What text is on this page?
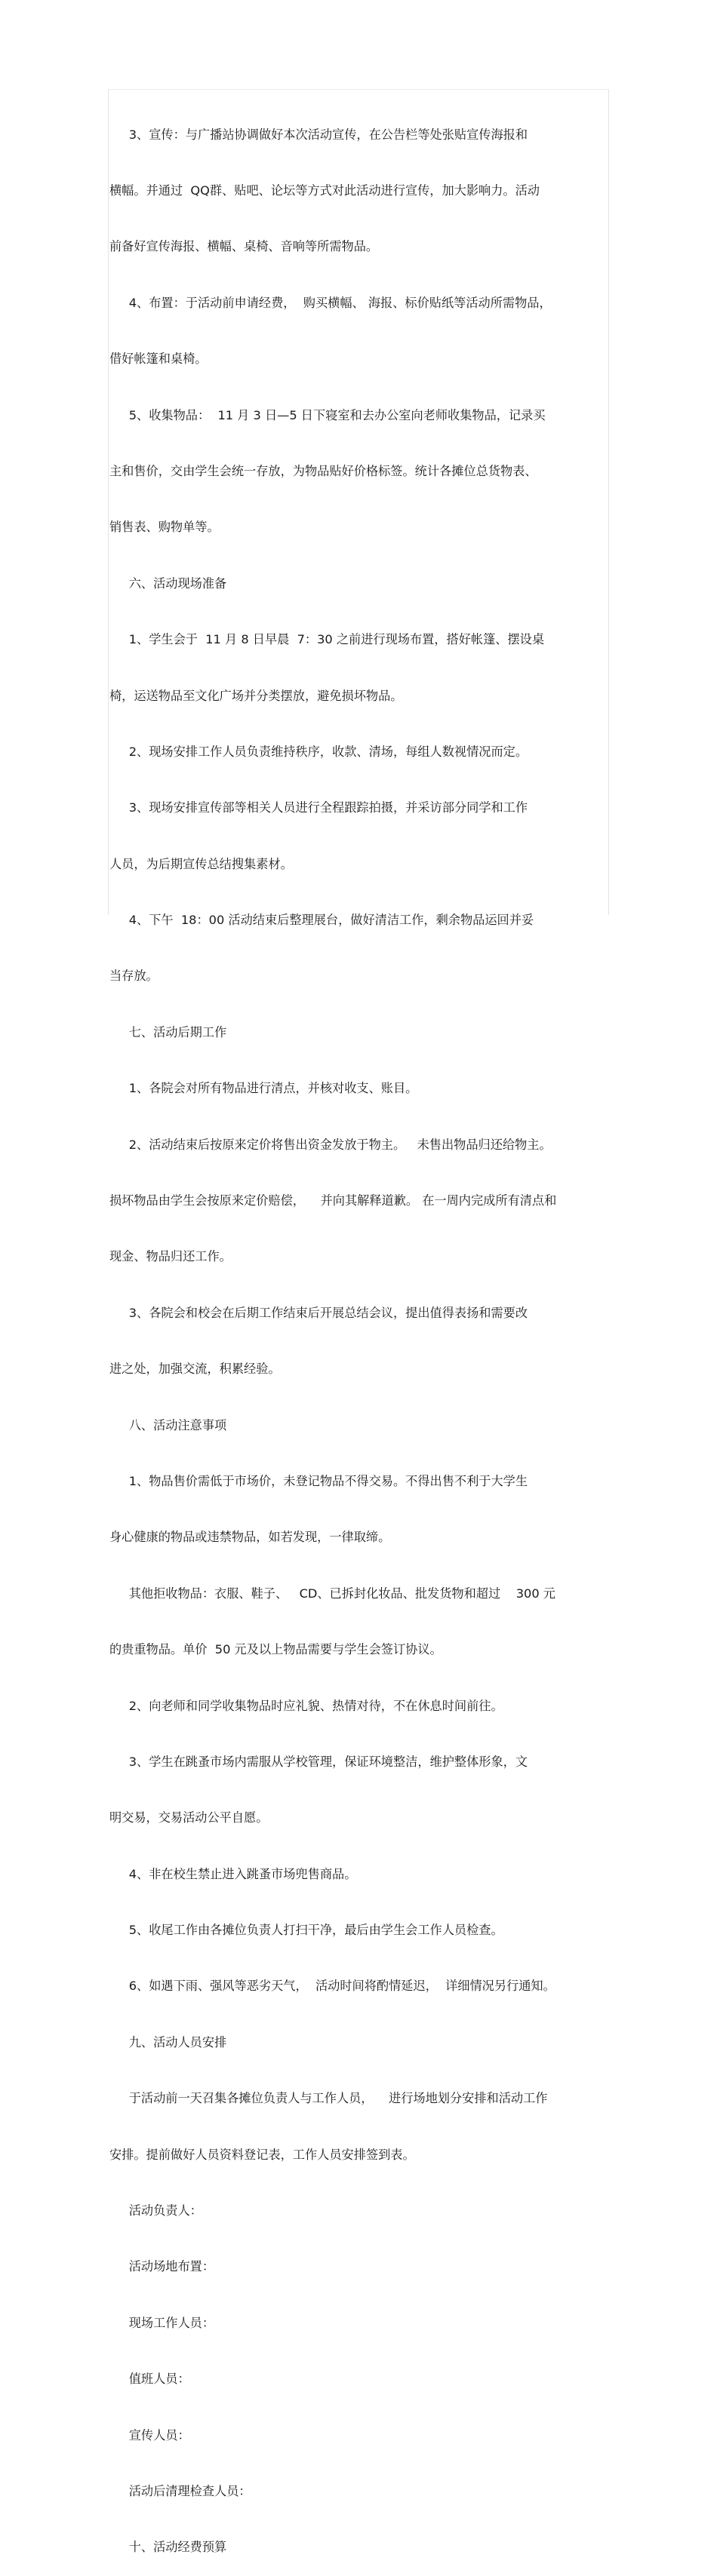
3、宣传：与广播站协调做好本次活动宣传，在公告栏等处张贴宣传海报和

横幅。并通过  QQ群、贴吧、论坛等方式对此活动进行宣传，加大影响力。活动

前备好宣传海报、横幅、桌椅、音响等所需物品。

4、布置：于活动前申请经费，  购买横幅、 海报、标价贴纸等活动所需物品，

借好帐篷和桌椅。

5、收集物品：  11 月 3 日—5 日下寝室和去办公室向老师收集物品，记录买

主和售价，交由学生会统一存放，为物品贴好价格标签。统计各摊位总货物表、

销售表、购物单等。

六、活动现场准备

1、学生会于  11 月 8 日早晨  7：30 之前进行现场布置，搭好帐篷、摆设桌

椅，运送物品至文化广场并分类摆放，避免损坏物品。

2、现场安排工作人员负责维持秩序，收款、清场，每组人数视情况而定。

3、现场安排宣传部等相关人员进行全程跟踪拍摄，并采访部分同学和工作

人员，为后期宣传总结搜集素材。

4、下午  18：00 活动结束后整理展台，做好清洁工作，剩余物品运回并妥

当存放。

七、活动后期工作

1、各院会对所有物品进行清点，并核对收支、账目。

2、活动结束后按原来定价将售出资金发放于物主。   未售出物品归还给物主。

损坏物品由学生会按原来定价赔偿，    并向其解释道歉。 在一周内完成所有清点和

现金、物品归还工作。

3、各院会和校会在后期工作结束后开展总结会议，提出值得表扬和需要改

进之处，加强交流，积累经验。

八、活动注意事项

1、物品售价需低于市场价，未登记物品不得交易。不得出售不利于大学生

身心健康的物品或违禁物品，如若发现，一律取缔。

其他拒收物品：衣服、鞋子、   CD、已拆封化妆品、批发货物和超过    300 元

的贵重物品。单价  50 元及以上物品需要与学生会签订协议。

2、向老师和同学收集物品时应礼貌、热情对待，不在休息时间前往。

3、学生在跳蚤市场内需服从学校管理，保证环境整洁，维护整体形象，文

明交易，交易活动公平自愿。

4、非在校生禁止进入跳蚤市场兜售商品。

5、收尾工作由各摊位负责人打扫干净，最后由学生会工作人员检查。

6、如遇下雨、强风等恶劣天气，  活动时间将酌情延迟，  详细情况另行通知。

九、活动人员安排

于活动前一天召集各摊位负责人与工作人员，    进行场地划分安排和活动工作

安排。提前做好人员资料登记表，工作人员安排签到表。

活动负责人：

活动场地布置：

现场工作人员：

值班人员：

宣传人员：

活动后清理检查人员：

十、活动经费预算
